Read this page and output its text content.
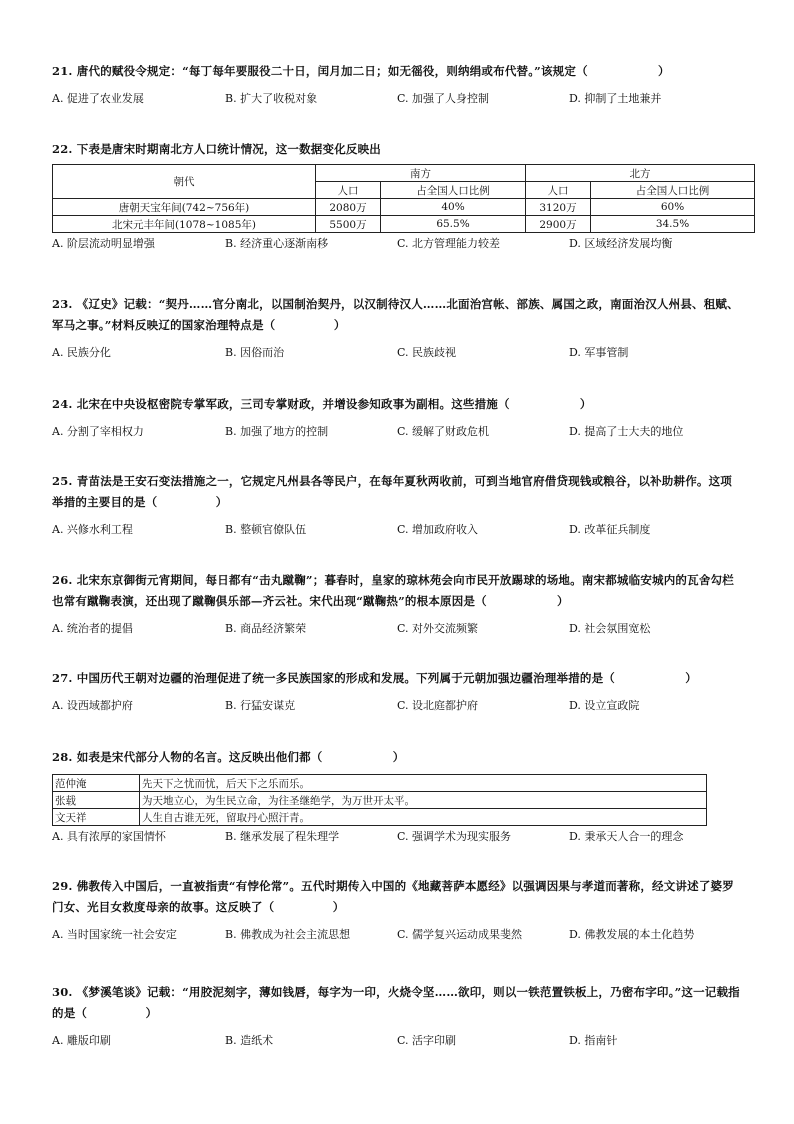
21. 唐代的赋役令规定：“每丁每年要服役二十日，闰月加二日；如无徭役，则纳绢或布代替。”该规定（　　　　　　）
A. 促进了农业发展	B. 扩大了收税对象	C. 加强了人身控制	D. 抑制了土地兼并
22. 下表是唐宋时期南北方人口统计情况，这一数据变化反映出
朝代	南方		北方	
	人口	占全国人口比例	人口	占全国人口比例
唐朝天宝年间(742~756年)	2080万	40%	3120万	60%
北宋元丰年间(1078~1085年)	5500万	65.5%	2900万	34.5%
A. 阶层流动明显增强	B. 经济重心逐渐南移	C. 北方管理能力较差	D. 区域经济发展均衡
23. 《辽史》记载：“契丹……官分南北，以国制治契丹，以汉制待汉人……北面治宫帐、部族、属国之政，南面治汉人州县、租赋、军马之事。”材料反映辽的国家治理特点是（　　　　　）
A. 民族分化	B. 因俗而治	C. 民族歧视	D. 军事管制
24. 北宋在中央设枢密院专掌军政，三司专掌财政，并增设参知政事为副相。这些措施（　　　　　　）
A. 分割了宰相权力	B. 加强了地方的控制	C. 缓解了财政危机	D. 提高了士大夫的地位
25. 青苗法是王安石变法措施之一，它规定凡州县各等民户，在每年夏秋两收前，可到当地官府借贷现钱或粮谷，以补助耕作。这项举措的主要目的是（　　　　　）
A. 兴修水利工程	B. 整顿官僚队伍	C. 增加政府收入	D. 改革征兵制度
26. 北宋东京御街元宵期间，每日都有“击丸蹴鞠”；暮春时，皇家的琼林苑会向市民开放踢球的场地。南宋都城临安城内的瓦舍勾栏也常有蹴鞠表演，还出现了蹴鞠俱乐部—齐云社。宋代出现“蹴鞠热”的根本原因是（　　　　　　）
A. 统治者的提倡	B. 商品经济繁荣	C. 对外交流频繁	D. 社会氛围宽松
27. 中国历代王朝对边疆的治理促进了统一多民族国家的形成和发展。下列属于元朝加强边疆治理举措的是（　　　　　　）
A. 设西域都护府	B. 行猛安谋克	C. 设北庭都护府	D. 设立宣政院
28. 如表是宋代部分人物的名言。这反映出他们都（　　　　　　）
范仲淹	先天下之忧而忧，后天下之乐而乐。
张载	为天地立心，为生民立命，为往圣继绝学，为万世开太平。
文天祥	人生自古谁无死，留取丹心照汗青。
A. 具有浓厚的家国情怀	B. 继承发展了程朱理学	C. 强调学术为现实服务	D. 秉承天人合一的理念
29. 佛教传入中国后，一直被指责“有悖伦常”。五代时期传入中国的《地藏菩萨本愿经》以强调因果与孝道而著称，经文讲述了婆罗门女、光目女救度母亲的故事。这反映了（　　　　　）
A. 当时国家统一社会安定	B. 佛教成为社会主流思想	C. 儒学复兴运动成果斐然	D. 佛教发展的本土化趋势
30. 《梦溪笔谈》记载：“用胶泥刻字，薄如钱唇，每字为一印，火烧令坚……欲印，则以一铁范置铁板上，乃密布字印。”这一记载指的是（　　　　　）
A. 雕版印刷	B. 造纸术	C. 活字印刷	D. 指南针
